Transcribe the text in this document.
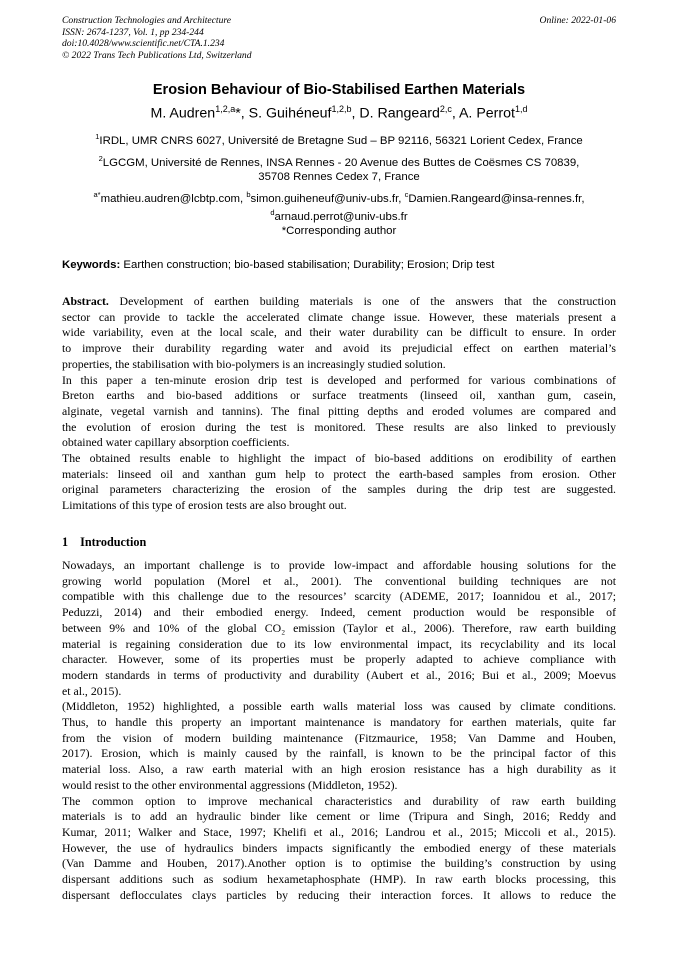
Construction Technologies and Architecture
ISSN: 2674-1237, Vol. 1, pp 234-244
doi:10.4028/www.scientific.net/CTA.1.234
© 2022 Trans Tech Publications Ltd, Switzerland
Online: 2022-01-06
Erosion Behaviour of Bio-Stabilised Earthen Materials
M. Audren$^{1,2,a}$*, S. Guihéneuf$^{1,2,b}$, D. Rangeard$^{2,c}$, A. Perrot$^{1,d}$
$^1$IRDL, UMR CNRS 6027, Université de Bretagne Sud – BP 92116, 56321 Lorient Cedex, France
$^2$LGCGM, Université de Rennes, INSA Rennes - 20 Avenue des Buttes de Coësmes CS 70839,
35708 Rennes Cedex 7, France
$^{a*}$mathieu.audren@lcbtp.com, $^b$simon.guiheneuf@univ-ubs.fr, $^c$Damien.Rangeard@insa-rennes.fr,
$^d$arnaud.perrot@univ-ubs.fr
*Corresponding author
Keywords: Earthen construction; bio-based stabilisation; Durability; Erosion; Drip test
Abstract. Development of earthen building materials is one of the answers that the construction
sector can provide to tackle the accelerated climate change issue. However, these materials present a
wide variability, even at the local scale, and their water durability can be difficult to ensure. In order
to improve their durability regarding water and avoid its prejudicial effect on earthen material’s
properties, the stabilisation with bio-polymers is an increasingly studied solution.
In this paper a ten-minute erosion drip test is developed and performed for various combinations of
Breton earths and bio-based additions or surface treatments (linseed oil, xanthan gum, casein,
alginate, vegetal varnish and tannins). The final pitting depths and eroded volumes are compared and
the evolution of erosion during the test is monitored. These results are also linked to previously
obtained water capillary absorption coefficients.
The obtained results enable to highlight the impact of bio-based additions on erodibility of earthen
materials: linseed oil and xanthan gum help to protect the earth-based samples from erosion. Other
original parameters characterizing the erosion of the samples during the drip test are suggested.
Limitations of this type of erosion tests are also brought out.
1 Introduction
Nowadays, an important challenge is to provide low-impact and affordable housing solutions for the
growing world population (Morel et al., 2001). The conventional building techniques are not
compatible with this challenge due to the resources’ scarcity (ADEME, 2017; Ioannidou et al., 2017;
Peduzzi, 2014) and their embodied energy. Indeed, cement production would be responsible of
between 9% and 10% of the global CO₂ emission (Taylor et al., 2006). Therefore, raw earth building
material is regaining consideration due to its low environmental impact, its recyclability and its local
character. However, some of its properties must be properly adapted to achieve compliance with
modern standards in terms of productivity and durability (Aubert et al., 2016; Bui et al., 2009; Moevus
et al., 2015).
(Middleton, 1952) highlighted, a possible earth walls material loss was caused by climate conditions.
Thus, to handle this property an important maintenance is mandatory for earthen materials, quite far
from the vision of modern building maintenance (Fitzmaurice, 1958; Van Damme and Houben,
2017). Erosion, which is mainly caused by the rainfall, is known to be the principal factor of this
material loss. Also, a raw earth material with an high erosion resistance has a high durability as it
would resist to the other environmental aggressions (Middleton, 1952).
The common option to improve mechanical characteristics and durability of raw earth building
materials is to add an hydraulic binder like cement or lime (Tripura and Singh, 2016; Reddy and
Kumar, 2011; Walker and Stace, 1997; Khelifi et al., 2016; Landrou et al., 2015; Miccoli et al., 2015).
However, the use of hydraulics binders impacts significantly the embodied energy of these materials
(Van Damme and Houben, 2017).Another option is to optimise the building’s construction by using
dispersant additions such as sodium hexametaphosphate (HMP). In raw earth blocks processing, this
dispersant deflocculates clays particles by reducing their interaction forces. It allows to reduce the
